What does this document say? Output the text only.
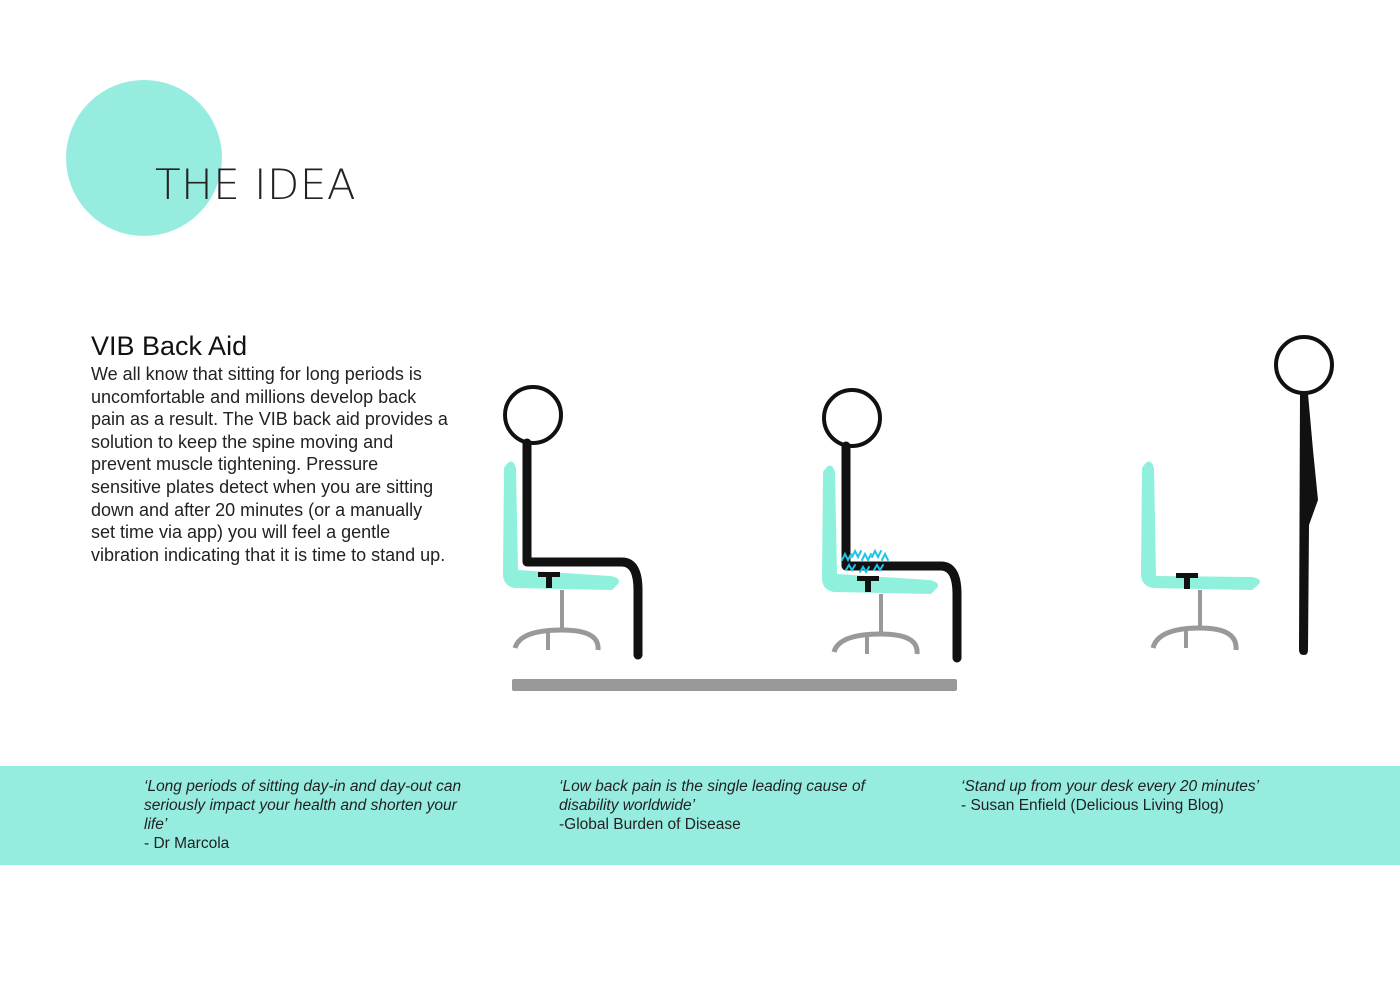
THE IDEA
VIB Back Aid

We all know that sitting for long periods is uncomfortable and millions develop back pain as a result. The VIB back aid provides a solution to keep the spine moving and prevent muscle tightening. Pressure sensitive plates detect when you are sitting down and after 20 minutes (or a manually set time via app) you will feel a gentle vibration indicating that it is time to stand up.

‘Long periods of sitting day-in and day-out can seriously impact your health and shorten your life’
- Dr Marcola
‘Low back pain is the single leading cause of disability worldwide’
-Global Burden of Disease
‘Stand up from your desk every 20 minutes’
- Susan Enfield (Delicious Living Blog)
